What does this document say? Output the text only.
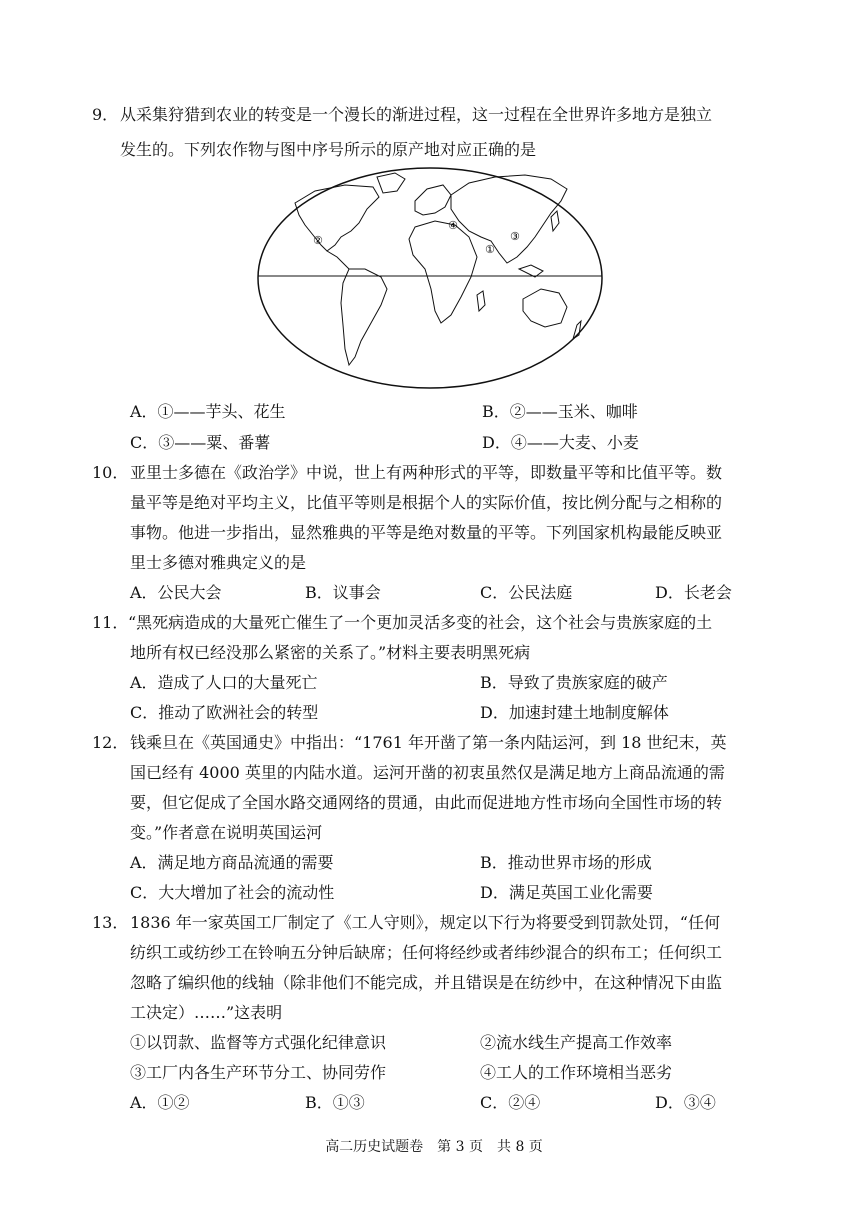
9． 从采集狩猎到农业的转变是一个漫长的渐进过程，这一过程在全世界许多地方是独立
发生的。下列农作物与图中序号所示的原产地对应正确的是
①
②	③
④
A．①——芋头、花生	B．②——玉米、咖啡
C．③——粟、番薯	D．④——大麦、小麦
10． 亚里士多德在《政治学》中说，世上有两种形式的平等，即数量平等和比值平等。数
量平等是绝对平均主义，比值平等则是根据个人的实际价值，按比例分配与之相称的
事物。他进一步指出，显然雅典的平等是绝对数量的平等。下列国家机构最能反映亚
里士多德对雅典定义的是
A．公民大会	B．议事会	C．公民法庭	D．长老会
11． “黑死病造成的大量死亡催生了一个更加灵活多变的社会，这个社会与贵族家庭的土
地所有权已经没那么紧密的关系了。”材料主要表明黑死病
A．造成了人口的大量死亡	B．导致了贵族家庭的破产
C．推动了欧洲社会的转型	D．加速封建土地制度解体
12． 钱乘旦在《英国通史》中指出：“1761 年开凿了第一条内陆运河，到 18 世纪末，英
国已经有 4000 英里的内陆水道。运河开凿的初衷虽然仅是满足地方上商品流通的需
要，但它促成了全国水路交通网络的贯通，由此而促进地方性市场向全国性市场的转
变。”作者意在说明英国运河
A．满足地方商品流通的需要	B．推动世界市场的形成
C．大大增加了社会的流动性	D．满足英国工业化需要
13． 1836 年一家英国工厂制定了《工人守则》，规定以下行为将要受到罚款处罚，“任何
纺织工或纺纱工在铃响五分钟后缺席；任何将经纱或者纬纱混合的织布工；任何织工
忽略了编织他的线轴（除非他们不能完成，并且错误是在纺纱中，在这种情况下由监
工决定）……”这表明
①以罚款、监督等方式强化纪律意识	②流水线生产提高工作效率
③工厂内各生产环节分工、协同劳作	④工人的工作环境相当恶劣
A．①②	B．①③	C．②④	D．③④
高二历史试题卷　第 3 页　共 8 页
